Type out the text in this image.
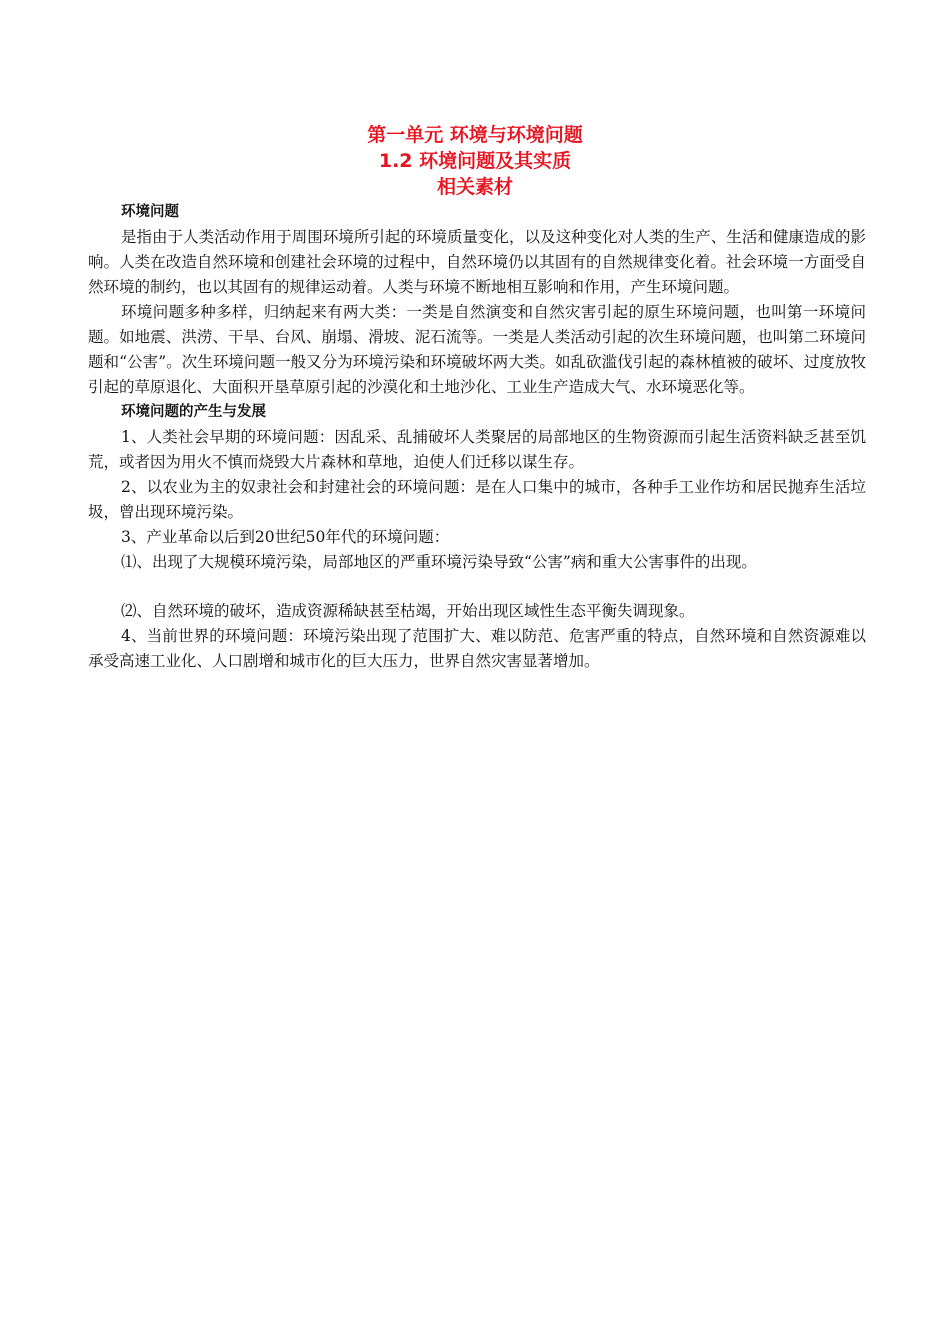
第一单元 环境与环境问题
1.2 环境问题及其实质
相关素材
环境问题

是指由于人类活动作用于周围环境所引起的环境质量变化，以及这种变化对人类的生产、生活和健康造成的影响。人类在改造自然环境和创建社会环境的过程中，自然环境仍以其固有的自然规律变化着。社会环境一方面受自然环境的制约，也以其固有的规律运动着。人类与环境不断地相互影响和作用，产生环境问题。

环境问题多种多样，归纳起来有两大类：一类是自然演变和自然灾害引起的原生环境问题，也叫第一环境问题。如地震、洪涝、干旱、台风、崩塌、滑坡、泥石流等。一类是人类活动引起的次生环境问题，也叫第二环境问题和“公害”。次生环境问题一般又分为环境污染和环境破坏两大类。如乱砍滥伐引起的森林植被的破坏、过度放牧引起的草原退化、大面积开垦草原引起的沙漠化和土地沙化、工业生产造成大气、水环境恶化等。

环境问题的产生与发展

1、人类社会早期的环境问题：因乱采、乱捕破坏人类聚居的局部地区的生物资源而引起生活资料缺乏甚至饥荒，或者因为用火不慎而烧毁大片森林和草地，迫使人们迁移以谋生存。

2、以农业为主的奴隶社会和封建社会的环境问题：是在人口集中的城市，各种手工业作坊和居民抛弃生活垃圾，曾出现环境污染。

3、产业革命以后到20世纪50年代的环境问题：

⑴、出现了大规模环境污染，局部地区的严重环境污染导致“公害”病和重大公害事件的出现。

⑵、自然环境的破坏，造成资源稀缺甚至枯竭，开始出现区域性生态平衡失调现象。

4、当前世界的环境问题：环境污染出现了范围扩大、难以防范、危害严重的特点，自然环境和自然资源难以承受高速工业化、人口剧增和城市化的巨大压力，世界自然灾害显著增加。
